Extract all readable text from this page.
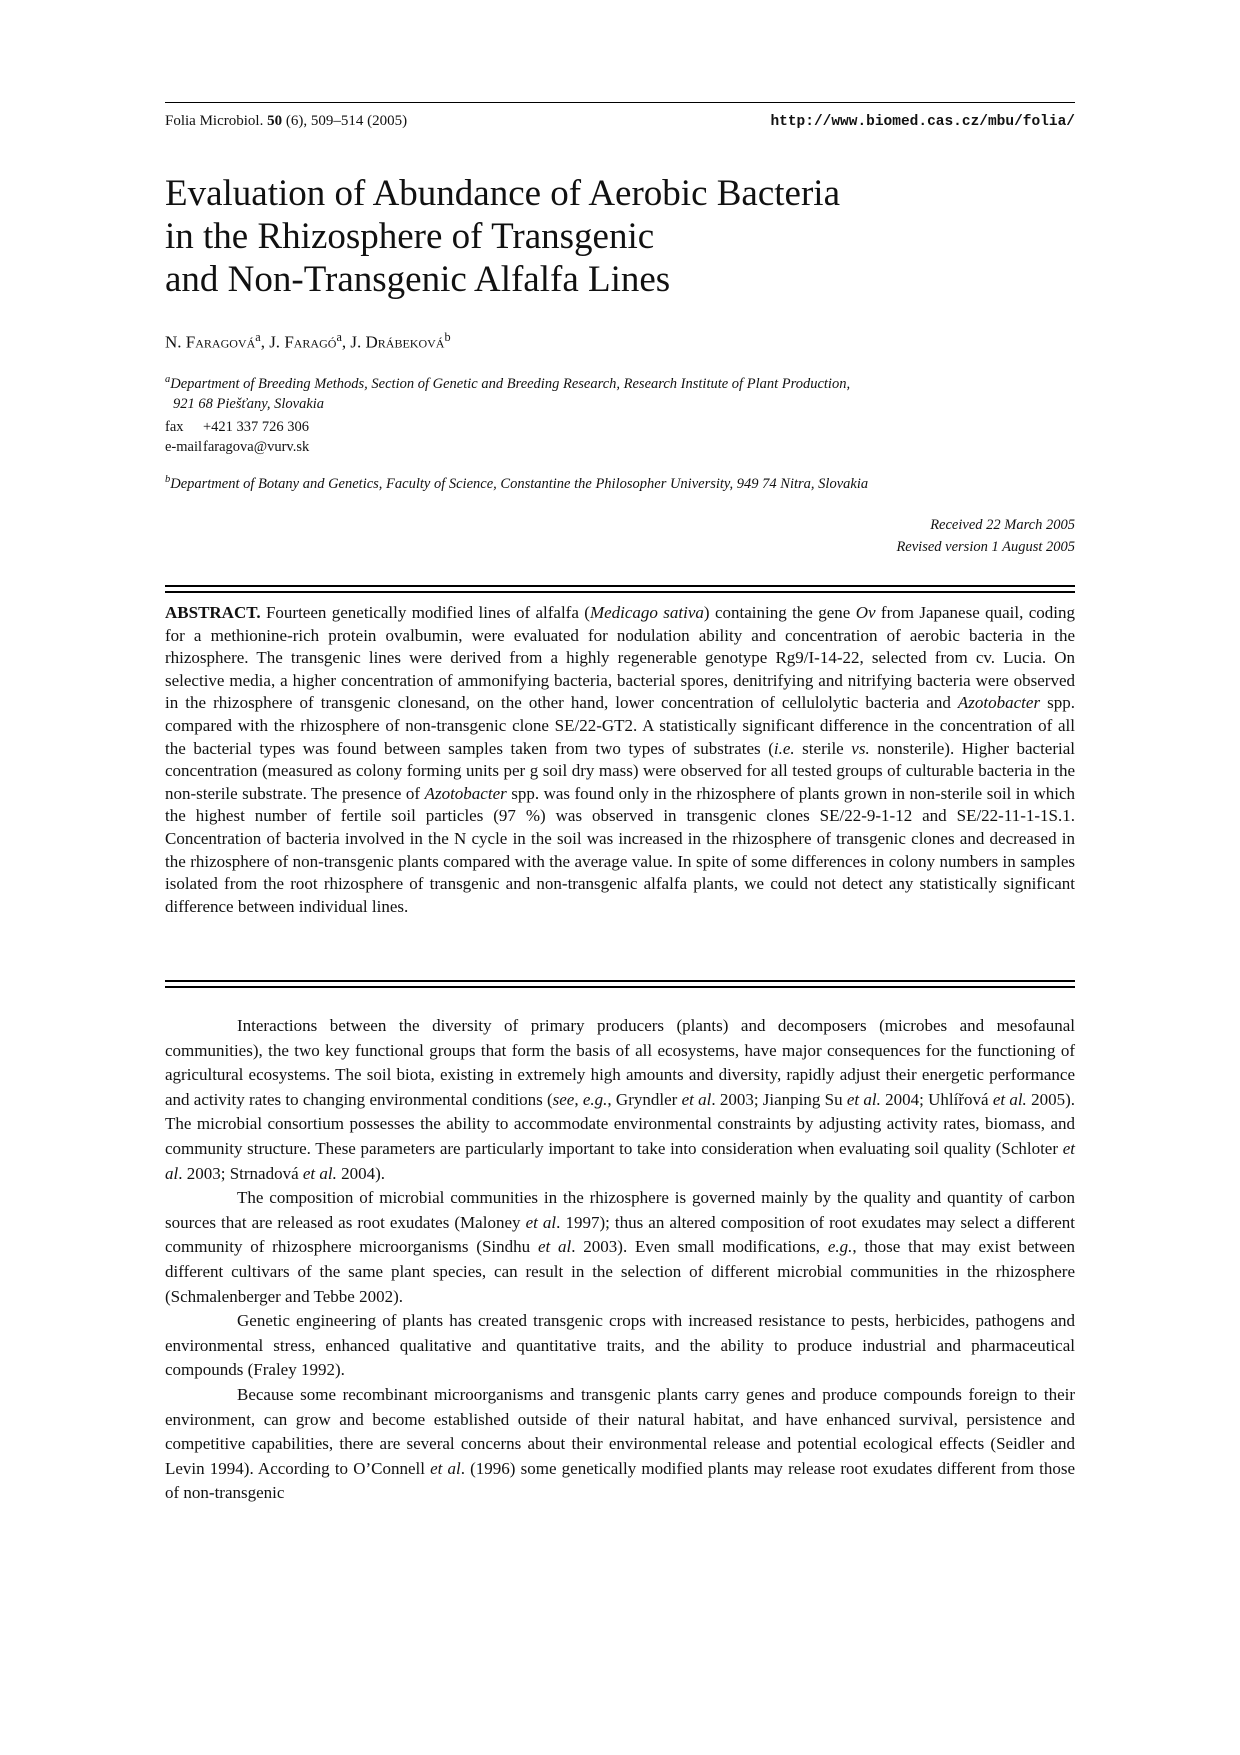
Folia Microbiol. 50 (6), 509–514 (2005)	http://www.biomed.cas.cz/mbu/folia/
Evaluation of Abundance of Aerobic Bacteria
in the Rhizosphere of Transgenic
and Non-Transgenic Alfalfa Lines
N. Faragová$^a$, J. Faragó$^a$, J. Drábeková$^b$
$^a$Department of Breeding Methods, Section of Genetic and Breeding Research, Research Institute of Plant Production,
921 68 Piešťany, Slovakia
fax +421 337 726 306
e-mailfaragova@vurv.sk
$^b$Department of Botany and Genetics, Faculty of Science, Constantine the Philosopher University, 949 74 Nitra, Slovakia
Received 22 March 2005
Revised version 1 August 2005

ABSTRACT. Fourteen genetically modified lines of alfalfa (Medicago sativa) containing the gene Ov from Japanese quail, coding for a methionine-rich protein ovalbumin, were evaluated for nodulation ability and concentration of aerobic bacteria in the rhizosphere. The transgenic lines were derived from a highly regenerable genotype Rg9/I-14-22, selected from cv. Lucia. On selective media, a higher concentration of ammonifying bacteria, bacterial spores, denitrifying and nitrifying bacteria were observed in the rhizosphere of transgenic clonesand, on the other hand, lower concentration of cellulolytic bacteria and Azotobacter spp. compared with the rhizosphere of non-transgenic clone SE/22-GT2. A statistically significant difference in the concentration of all the bacterial types was found between samples taken from two types of substrates (i.e. sterile vs. nonsterile). Higher bacterial concentration (measured as colony forming units per g soil dry mass) were observed for all tested groups of culturable bacteria in the non-sterile substrate. The presence of Azotobacter spp. was found only in the rhizosphere of plants grown in non-sterile soil in which the highest number of fertile soil particles (97 %) was observed in transgenic clones SE/22-9-1-12 and SE/22-11-1-1S.1. Concentration of bacteria involved in the N cycle in the soil was increased in the rhizosphere of transgenic clones and decreased in the rhizosphere of non-transgenic plants compared with the average value. In spite of some differences in colony numbers in samples isolated from the root rhizosphere of transgenic and non-transgenic alfalfa plants, we could not detect any statistically significant difference between individual lines.

Interactions between the diversity of primary producers (plants) and decomposers (microbes and mesofaunal communities), the two key functional groups that form the basis of all ecosystems, have major consequences for the functioning of agricultural ecosystems. The soil biota, existing in extremely high amounts and diversity, rapidly adjust their energetic performance and activity rates to changing environmental conditions (see, e.g., Gryndler et al. 2003; Jianping Su et al. 2004; Uhlířová et al. 2005). The microbial consortium possesses the ability to accommodate environmental constraints by adjusting activity rates, biomass, and community structure. These parameters are particularly important to take into consideration when evaluating soil quality (Schloter et al. 2003; Strnadová et al. 2004).

The composition of microbial communities in the rhizosphere is governed mainly by the quality and quantity of carbon sources that are released as root exudates (Maloney et al. 1997); thus an altered composition of root exudates may select a different community of rhizosphere microorganisms (Sindhu et al. 2003). Even small modifications, e.g., those that may exist between different cultivars of the same plant species, can result in the selection of different microbial communities in the rhizosphere (Schmalenberger and Tebbe 2002).

Genetic engineering of plants has created transgenic crops with increased resistance to pests, herbicides, pathogens and environmental stress, enhanced qualitative and quantitative traits, and the ability to produce industrial and pharmaceutical compounds (Fraley 1992).

Because some recombinant microorganisms and transgenic plants carry genes and produce compounds foreign to their environment, can grow and become established outside of their natural habitat, and have enhanced survival, persistence and competitive capabilities, there are several concerns about their environmental release and potential ecological effects (Seidler and Levin 1994). According to O’Connell et al. (1996) some genetically modified plants may release root exudates different from those of non-transgenic
